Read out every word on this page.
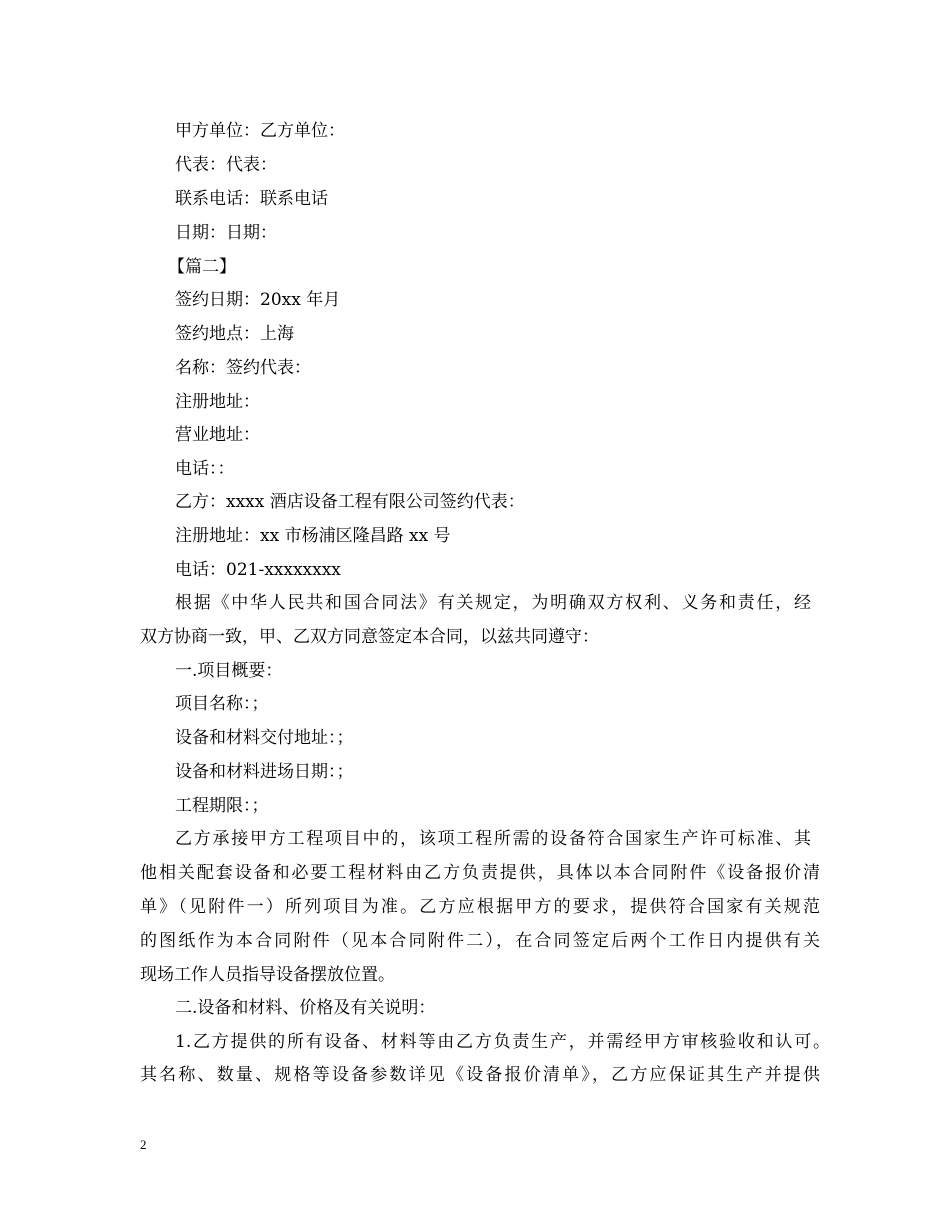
甲方单位：乙方单位：
代表：代表：
联系电话：联系电话
日期：日期：
【篇二】
签约日期：20xx 年月
签约地点：上海
名称：签约代表：
注册地址：
营业地址：
电话：：
乙方：xxxx 酒店设备工程有限公司签约代表：
注册地址：xx 市杨浦区隆昌路 xx 号
电话：021-xxxxxxxx
根据《中华人民共和国合同法》有关规定，为明确双方权利、义务和责任，经
双方协商一致，甲、乙双方同意签定本合同，以兹共同遵守：
一.项目概要：
项目名称：；
设备和材料交付地址：；
设备和材料进场日期：；
工程期限：；
乙方承接甲方工程项目中的，该项工程所需的设备符合国家生产许可标准、其
他相关配套设备和必要工程材料由乙方负责提供，具体以本合同附件《设备报价清
单》（见附件一）所列项目为准。乙方应根据甲方的要求，提供符合国家有关规范
的图纸作为本合同附件（见本合同附件二），在合同签定后两个工作日内提供有关
现场工作人员指导设备摆放位置。
二.设备和材料、价格及有关说明：
1.乙方提供的所有设备、材料等由乙方负责生产，并需经甲方审核验收和认可。
其名称、数量、规格等设备参数详见《设备报价清单》，乙方应保证其生产并提供
2
